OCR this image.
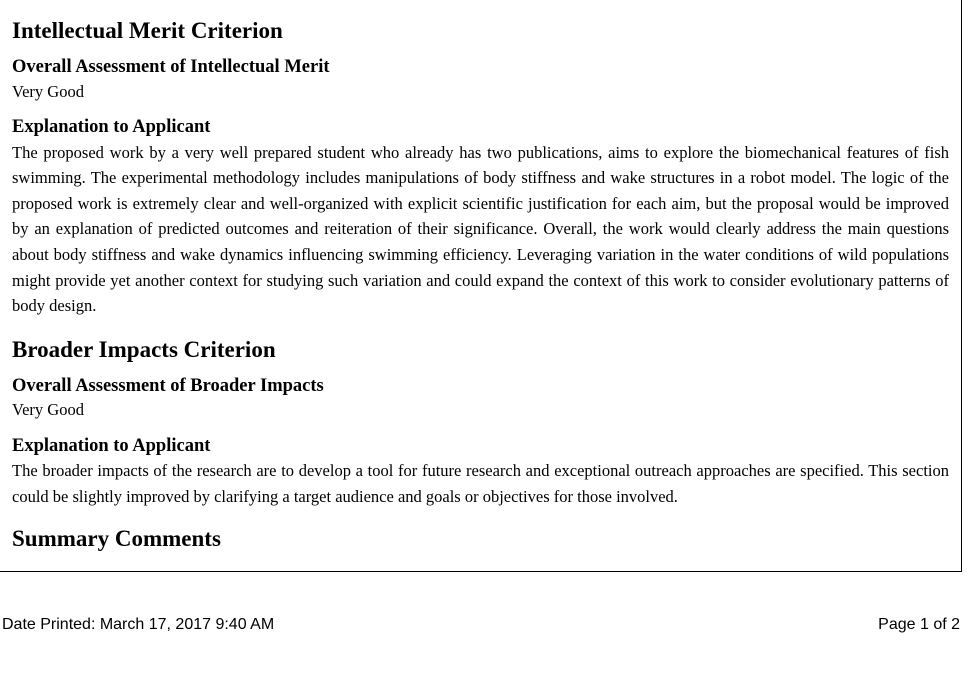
Intellectual Merit Criterion
Overall Assessment of Intellectual Merit

Very Good

Explanation to Applicant

The proposed work by a very well prepared student who already has two publications, aims to explore the biomechanical features of fish swimming. The experimental methodology includes manipulations of body stiffness and wake structures in a robot model. The logic of the proposed work is extremely clear and well-organized with explicit scientific justification for each aim, but the proposal would be improved by an explanation of predicted outcomes and reiteration of their significance. Overall, the work would clearly address the main questions about body stiffness and wake dynamics influencing swimming efficiency. Leveraging variation in the water conditions of wild populations might provide yet another context for studying such variation and could expand the context of this work to consider evolutionary patterns of body design.

Broader Impacts Criterion
Overall Assessment of Broader Impacts

Very Good

Explanation to Applicant

The broader impacts of the research are to develop a tool for future research and exceptional outreach approaches are specified. This section could be slightly improved by clarifying a target audience and goals or objectives for those involved.

Summary Comments
Date Printed: March 17, 2017 9:40 AM	Page 1 of 2
